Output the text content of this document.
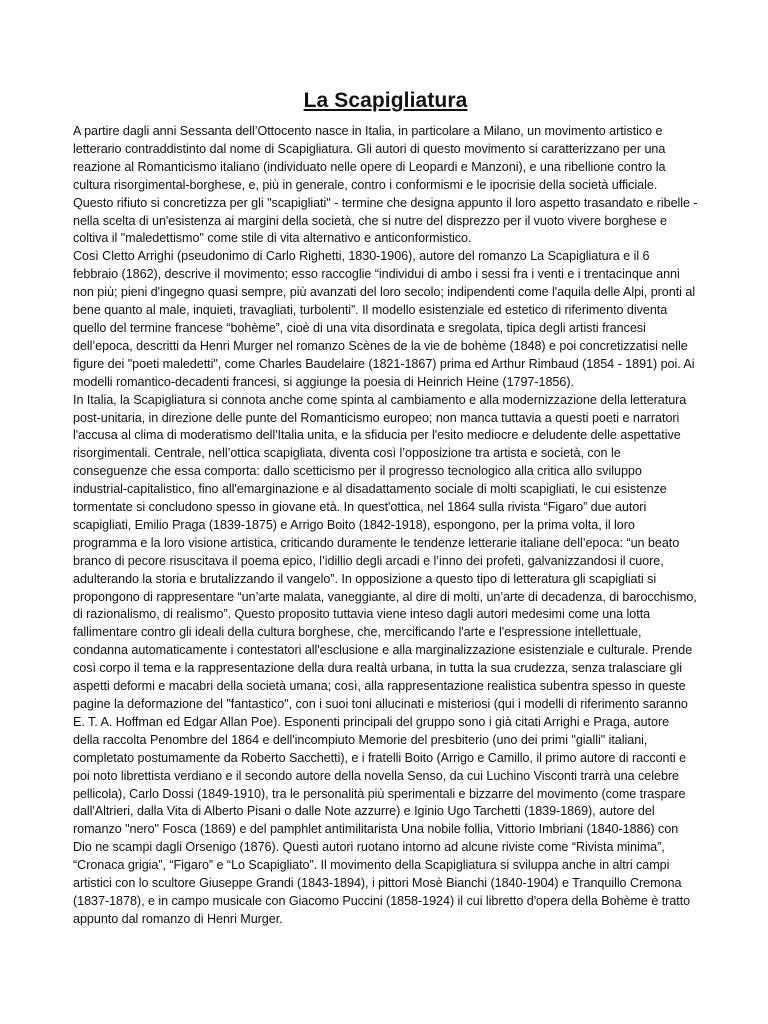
La Scapigliatura

A partire dagli anni Sessanta dell’Ottocento nasce in Italia, in particolare a Milano, un movimento artistico e letterario contraddistinto dal nome di Scapigliatura. Gli autori di questo movimento si caratterizzano per una reazione al Romanticismo italiano (individuato nelle opere di Leopardi e Manzoni), e una ribellione contro la cultura risorgimental-borghese, e, più in generale, contro i conformismi e le ipocrisie della società ufficiale. Questo rifiuto si concretizza per gli "scapigliati" - termine che designa appunto il loro aspetto trasandato e ribelle - nella scelta di un'esistenza ai margini della società, che si nutre del disprezzo per il vuoto vivere borghese e coltiva il "maledettismo" come stile di vita alternativo e anticonformistico.

Così Cletto Arrighi (pseudonimo di Carlo Righetti, 1830-1906), autore del romanzo La Scapigliatura e il 6 febbraio (1862), descrive il movimento; esso raccoglie “individui di ambo i sessi fra i venti e i trentacinque anni non più; pieni d'ingegno quasi sempre, più avanzati del loro secolo; indipendenti come l'aquila delle Alpi, pronti al bene quanto al male, inquieti, travagliati, turbolenti”. Il modello esistenziale ed estetico di riferimento diventa quello del termine francese “bohème”, cioè di una vita disordinata e sregolata, tipica degli artisti francesi dell’epoca, descritti da Henri Murger nel romanzo Scènes de la vie de bohème (1848) e poi concretizzatisi nelle figure dei "poeti maledetti", come Charles Baudelaire (1821-1867) prima ed Arthur Rimbaud (1854 - 1891) poi. Ai modelli romantico-decadenti francesi, si aggiunge la poesia di Heinrich Heine (1797-1856).

In Italia, la Scapigliatura si connota anche come spinta al cambiamento e alla modernizzazione della letteratura post-unitaria, in direzione delle punte del Romanticismo europeo; non manca tuttavia a questi poeti e narratori l'accusa al clima di moderatismo dell'Italia unita, e la sfiducia per l'esito mediocre e deludente delle aspettative risorgimentali. Centrale, nell’ottica scapigliata, diventa così l’opposizione tra artista e società, con le conseguenze che essa comporta: dallo scetticismo per il progresso tecnologico alla critica allo sviluppo industrial-capitalistico, fino all'emarginazione e al disadattamento sociale di molti scapigliati, le cui esistenze tormentate si concludono spesso in giovane età. In quest'ottica, nel 1864 sulla rivista “Figaro” due autori scapigliati, Emilio Praga (1839-1875) e Arrigo Boito (1842-1918), espongono, per la prima volta, il loro programma e la loro visione artistica, criticando duramente le tendenze letterarie italiane dell’epoca: “un beato branco di pecore risuscitava il poema epico, l’idillio degli arcadi e l’inno dei profeti, galvanizzandosi il cuore, adulterando la storia e brutalizzando il vangelo”. In opposizione a questo tipo di letteratura gli scapigliati si propongono di rappresentare “un’arte malata, vaneggiante, al dire di molti, un’arte di decadenza, di barocchismo, di razionalismo, di realismo”. Questo proposito tuttavia viene inteso dagli autori medesimi come una lotta fallimentare contro gli ideali della cultura borghese, che, mercificando l'arte e l'espressione intellettuale, condanna automaticamente i contestatori all'esclusione e alla marginalizzazione esistenziale e culturale. Prende così corpo il tema e la rappresentazione della dura realtà urbana, in tutta la sua crudezza, senza tralasciare gli aspetti deformi e macabri della società umana; così, alla rappresentazione realistica subentra spesso in queste pagine la deformazione del "fantastico", con i suoi toni allucinati e misteriosi (qui i modelli di riferimento saranno E. T. A. Hoffman ed Edgar Allan Poe). Esponenti principali del gruppo sono i già citati Arrighi e Praga, autore della raccolta Penombre del 1864 e dell'incompiuto Memorie del presbiterio (uno dei primi "gialli" italiani, completato postumamente da Roberto Sacchetti), e i fratelli Boito (Arrigo e Camillo, il primo autore di racconti e poi noto librettista verdiano e il secondo autore della novella Senso, da cui Luchino Visconti trarrà una celebre pellicola), Carlo Dossi (1849-1910), tra le personalità più sperimentali e bizzarre del movimento (come traspare dall'Altrieri, dalla Vita di Alberto Pisani o dalle Note azzurre) e Iginio Ugo Tarchetti (1839-1869), autore del romanzo "nero" Fosca (1869) e del pamphlet antimilitarista Una nobile follia, Vittorio Imbriani (1840-1886) con Dio ne scampi dagli Orsenigo (1876). Questi autori ruotano intorno ad alcune riviste come “Rivista minima”, “Cronaca grigia”, “Figaro” e “Lo Scapigliato”. Il movimento della Scapigliatura si sviluppa anche in altri campi artistici con lo scultore Giuseppe Grandi (1843-1894), i pittori Mosè Bianchi (1840-1904) e Tranquillo Cremona (1837-1878), e in campo musicale con Giacomo Puccini (1858-1924) il cui libretto d'opera della Bohème è tratto appunto dal romanzo di Henri Murger.
